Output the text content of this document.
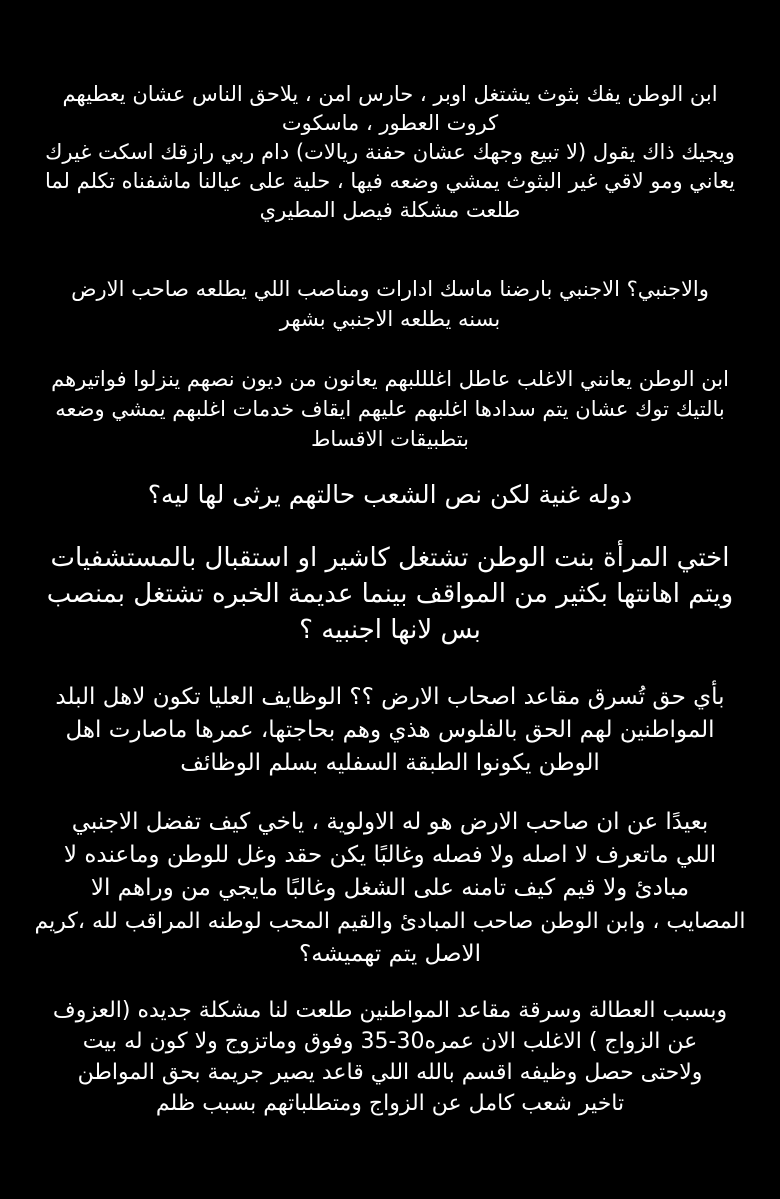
ابن الوطن يفك بثوث يشتغل اوبر ، حارس امن ، يلاحق الناس عشان يعطيهم
كروت العطور ، ماسكوت
ويجيك ذاك يقول (لا تبيع وجهك عشان حفنة ريالات) دام ربي رازقك اسكت غيرك
يعاني ومو لاقي غير البثوث يمشي وضعه فيها ، حلية على عيالنا ماشفناه تكلم لما
طلعت مشكلة فيصل المطيري
والاجنبي؟ الاجنبي بارضنا ماسك ادارات ومناصب اللي يطلعه صاحب الارض
بسنه يطلعه الاجنبي بشهر
ابن الوطن يعانني الاغلب عاطل اغلللبهم يعانون من ديون نصهم ينزلوا فواتيرهم
بالتيك توك عشان يتم سدادها اغلبهم عليهم ايقاف خدمات اغلبهم يمشي وضعه
بتطبيقات الاقساط
دوله غنية لكن نص الشعب حالتهم يرثى لها ليه؟
اختي المرأة بنت الوطن تشتغل كاشير او استقبال بالمستشفيات
ويتم اهانتها بكثير من المواقف بينما عديمة الخبره تشتغل بمنصب
بس لانها اجنبيه ؟
بأي حق تُسرق مقاعد اصحاب الارض ؟؟ الوظايف العليا تكون لاهل البلد
المواطنين لهم الحق بالفلوس هذي وهم بحاجتها، عمرها ماصارت اهل
الوطن يكونوا الطبقة السفليه بسلم الوظائف
بعيدًا عن ان صاحب الارض هو له الاولوية ، ياخي كيف تفضل الاجنبي
اللي ماتعرف لا اصله ولا فصله وغالبًا يكن حقد وغل للوطن وماعنده لا
مبادئ ولا قيم كيف تامنه على الشغل وغالبًا مايجي من وراهم الا
المصايب ، وابن الوطن صاحب المبادئ والقيم المحب لوطنه المراقب لله ،كريم
الاصل يتم تهميشه؟
وبسبب العطالة وسرقة مقاعد المواطنين طلعت لنا مشكلة جديده (العزوف
عن الزواج ) الاغلب الان عمره30-35 وفوق وماتزوج ولا كون له بيت
ولاحتى حصل وظيفه اقسم بالله اللي قاعد يصير جريمة بحق المواطن
تاخير شعب كامل عن الزواج ومتطلباتهم بسبب ظلم
